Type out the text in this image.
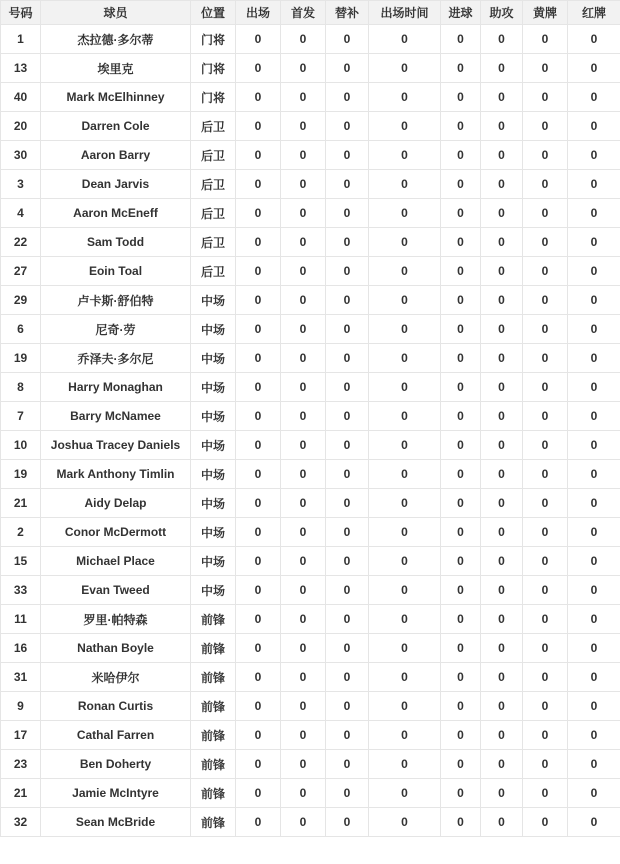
号码	球员	位置	出场	首发	替补	出场时间	进球	助攻	黄牌	红牌
1	杰拉德·多尔蒂	门将	0	0	0	0	0	0	0	0
13	埃里克	门将	0	0	0	0	0	0	0	0
40	Mark McElhinney	门将	0	0	0	0	0	0	0	0
20	Darren Cole	后卫	0	0	0	0	0	0	0	0
30	Aaron Barry	后卫	0	0	0	0	0	0	0	0
3	Dean Jarvis	后卫	0	0	0	0	0	0	0	0
4	Aaron McEneff	后卫	0	0	0	0	0	0	0	0
22	Sam Todd	后卫	0	0	0	0	0	0	0	0
27	Eoin Toal	后卫	0	0	0	0	0	0	0	0
29	卢卡斯·舒伯特	中场	0	0	0	0	0	0	0	0
6	尼奇·劳	中场	0	0	0	0	0	0	0	0
19	乔泽夫·多尔尼	中场	0	0	0	0	0	0	0	0
8	Harry Monaghan	中场	0	0	0	0	0	0	0	0
7	Barry McNamee	中场	0	0	0	0	0	0	0	0
10	Joshua Tracey Daniels	中场	0	0	0	0	0	0	0	0
19	Mark Anthony Timlin	中场	0	0	0	0	0	0	0	0
21	Aidy Delap	中场	0	0	0	0	0	0	0	0
2	Conor McDermott	中场	0	0	0	0	0	0	0	0
15	Michael Place	中场	0	0	0	0	0	0	0	0
33	Evan Tweed	中场	0	0	0	0	0	0	0	0
11	罗里·帕特森	前锋	0	0	0	0	0	0	0	0
16	Nathan Boyle	前锋	0	0	0	0	0	0	0	0
31	米哈伊尔	前锋	0	0	0	0	0	0	0	0
9	Ronan Curtis	前锋	0	0	0	0	0	0	0	0
17	Cathal Farren	前锋	0	0	0	0	0	0	0	0
23	Ben Doherty	前锋	0	0	0	0	0	0	0	0
21	Jamie McIntyre	前锋	0	0	0	0	0	0	0	0
32	Sean McBride	前锋	0	0	0	0	0	0	0	0
